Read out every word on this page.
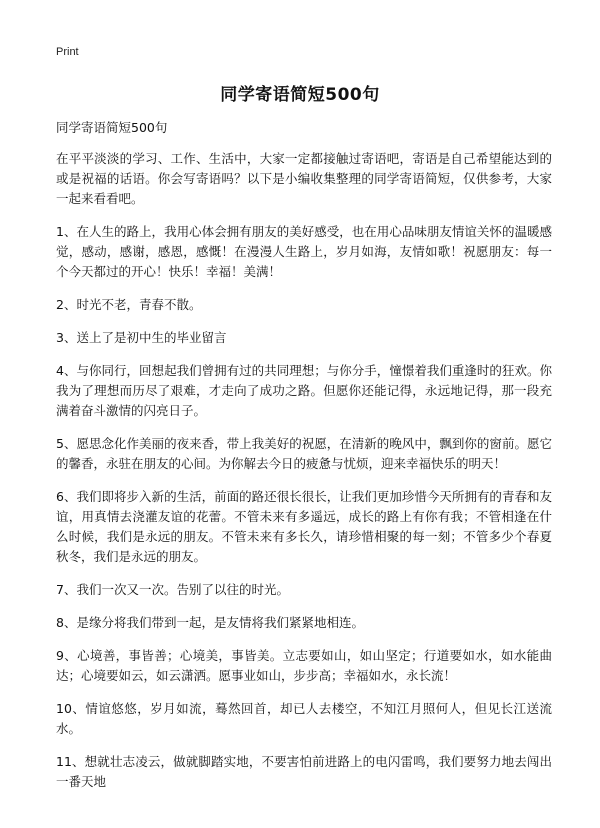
Print
同学寄语简短500句

同学寄语简短500句

在平平淡淡的学习、工作、生活中，大家一定都接触过寄语吧，寄语是自己希望能达到的或是祝福的话语。你会写寄语吗？以下是小编收集整理的同学寄语简短，仅供参考，大家一起来看看吧。

1、在人生的路上，我用心体会拥有朋友的美好感受，也在用心品味朋友情谊关怀的温暖感觉，感动，感谢，感恩，感慨！在漫漫人生路上，岁月如海，友情如歌！祝愿朋友：每一个今天都过的开心！快乐！幸福！美满！

2、时光不老，青春不散。

3、送上了是初中生的毕业留言

4、与你同行，回想起我们曾拥有过的共同理想；与你分手，憧憬着我们重逢时的狂欢。你我为了理想而历尽了艰难，才走向了成功之路。但愿你还能记得，永远地记得，那一段充满着奋斗激情的闪亮日子。

5、愿思念化作美丽的夜来香，带上我美好的祝愿，在清新的晚风中，飘到你的窗前。愿它的馨香，永驻在朋友的心间。为你解去今日的疲惫与忧烦，迎来幸福快乐的明天！

6、我们即将步入新的生活，前面的路还很长很长，让我们更加珍惜今天所拥有的青春和友谊，用真情去浇灌友谊的花蕾。不管未来有多遥远，成长的路上有你有我；不管相逢在什么时候，我们是永远的朋友。不管未来有多长久，请珍惜相聚的每一刻；不管多少个春夏秋冬，我们是永远的朋友。

7、我们一次又一次。告别了以往的时光。

8、是缘分将我们带到一起，是友情将我们紧紧地相连。

9、心境善，事皆善；心境美，事皆美。立志要如山，如山坚定；行道要如水，如水能曲达；心境要如云，如云潇洒。愿事业如山，步步高；幸福如水，永长流！

10、情谊悠悠，岁月如流，蓦然回首，却已人去楼空，不知江月照何人，但见长江送流水。

11、想就壮志凌云，做就脚踏实地，不要害怕前进路上的电闪雷鸣，我们要努力地去闯出一番天地
